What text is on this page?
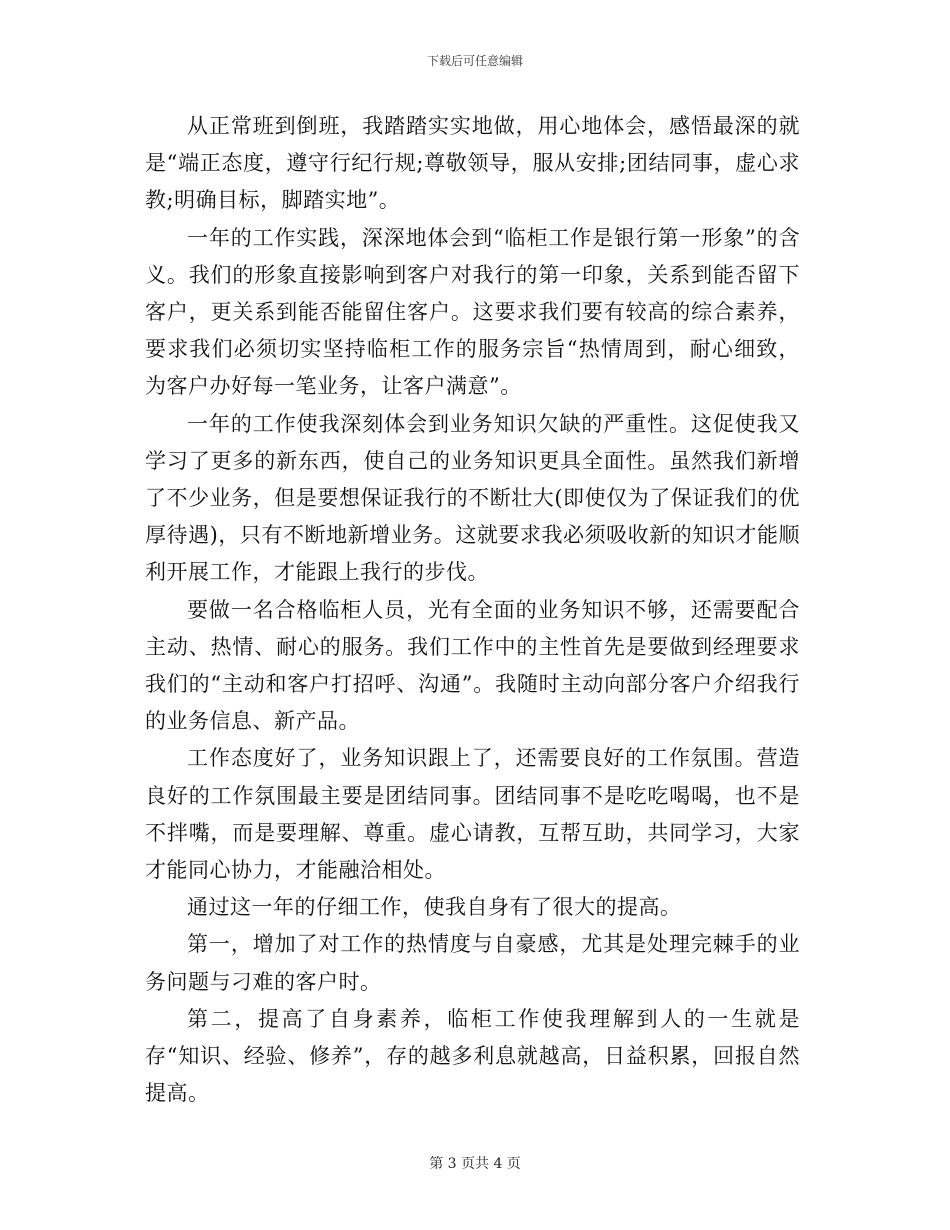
下载后可任意编辑

从正常班到倒班，我踏踏实实地做，用心地体会，感悟最深的就是“端正态度，遵守行纪行规;尊敬领导，服从安排;团结同事，虚心求教;明确目标，脚踏实地”。

一年的工作实践，深深地体会到“临柜工作是银行第一形象”的含义。我们的形象直接影响到客户对我行的第一印象，关系到能否留下客户，更关系到能否能留住客户。这要求我们要有较高的综合素养，要求我们必须切实坚持临柜工作的服务宗旨“热情周到，耐心细致，为客户办好每一笔业务，让客户满意”。

一年的工作使我深刻体会到业务知识欠缺的严重性。这促使我又学习了更多的新东西，使自己的业务知识更具全面性。虽然我们新增了不少业务，但是要想保证我行的不断壮大(即使仅为了保证我们的优厚待遇)，只有不断地新增业务。这就要求我必须吸收新的知识才能顺利开展工作，才能跟上我行的步伐。

要做一名合格临柜人员，光有全面的业务知识不够，还需要配合主动、热情、耐心的服务。我们工作中的主性首先是要做到经理要求我们的“主动和客户打招呼、沟通”。我随时主动向部分客户介绍我行的业务信息、新产品。

工作态度好了，业务知识跟上了，还需要良好的工作氛围。营造良好的工作氛围最主要是团结同事。团结同事不是吃吃喝喝，也不是不拌嘴，而是要理解、尊重。虚心请教，互帮互助，共同学习，大家才能同心协力，才能融洽相处。

通过这一年的仔细工作，使我自身有了很大的提高。

第一，增加了对工作的热情度与自豪感，尤其是处理完棘手的业务问题与刁难的客户时。

第二，提高了自身素养，临柜工作使我理解到人的一生就是存“知识、经验、修养”，存的越多利息就越高，日益积累，回报自然提高。

第 3 页共 4 页
